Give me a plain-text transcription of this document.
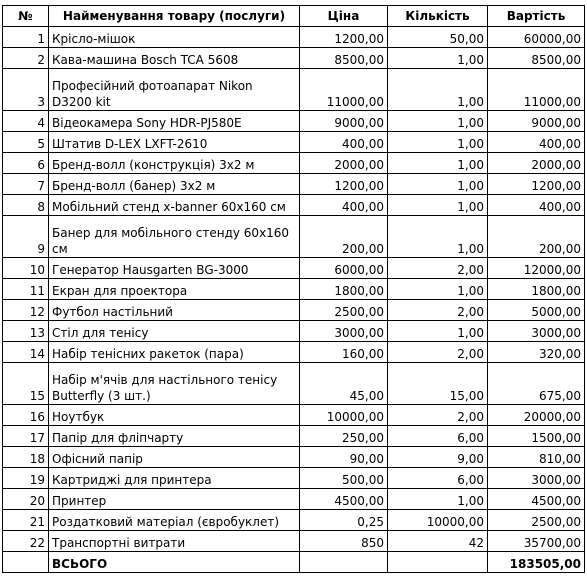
№	Найменування товару (послуги)	Ціна	Кількість	Вартість
1	Крісло-мішок	1200,00	50,00	60000,00
2	Кава-машина Bosch TCA 5608	8500,00	1,00	8500,00
3	Професійний фотоапарат Nikon D3200 kit	11000,00	1,00	11000,00
4	Відеокамера Sony HDR-PJ580E	9000,00	1,00	9000,00
5	Штатив D-LEX LXFT-2610	400,00	1,00	400,00
6	Бренд-волл (конструкція) 3х2 м	2000,00	1,00	2000,00
7	Бренд-волл (банер) 3х2 м	1200,00	1,00	1200,00
8	Мобільний стенд x-banner 60х160 см	400,00	1,00	400,00
9	Банер для мобільного стенду 60х160 см	200,00	1,00	200,00
10	Генератор Hausgarten BG-3000	6000,00	2,00	12000,00
11	Екран для проектора	1800,00	1,00	1800,00
12	Футбол настільний	2500,00	2,00	5000,00
13	Стіл для тенісу	3000,00	1,00	3000,00
14	Набір тенісних ракеток (пара)	160,00	2,00	320,00
15	Набір м'ячів для настільного тенісу Butterfly (3 шт.)	45,00	15,00	675,00
16	Ноутбук	10000,00	2,00	20000,00
17	Папір для фліпчарту	250,00	6,00	1500,00
18	Офісний папір	90,00	9,00	810,00
19	Картриджі для принтера	500,00	6,00	3000,00
20	Принтер	4500,00	1,00	4500,00
21	Роздатковий матеріал (євробуклет)	0,25	10000,00	2500,00
22	Транспортні витрати	850	42	35700,00
	ВСЬОГО			183505,00
